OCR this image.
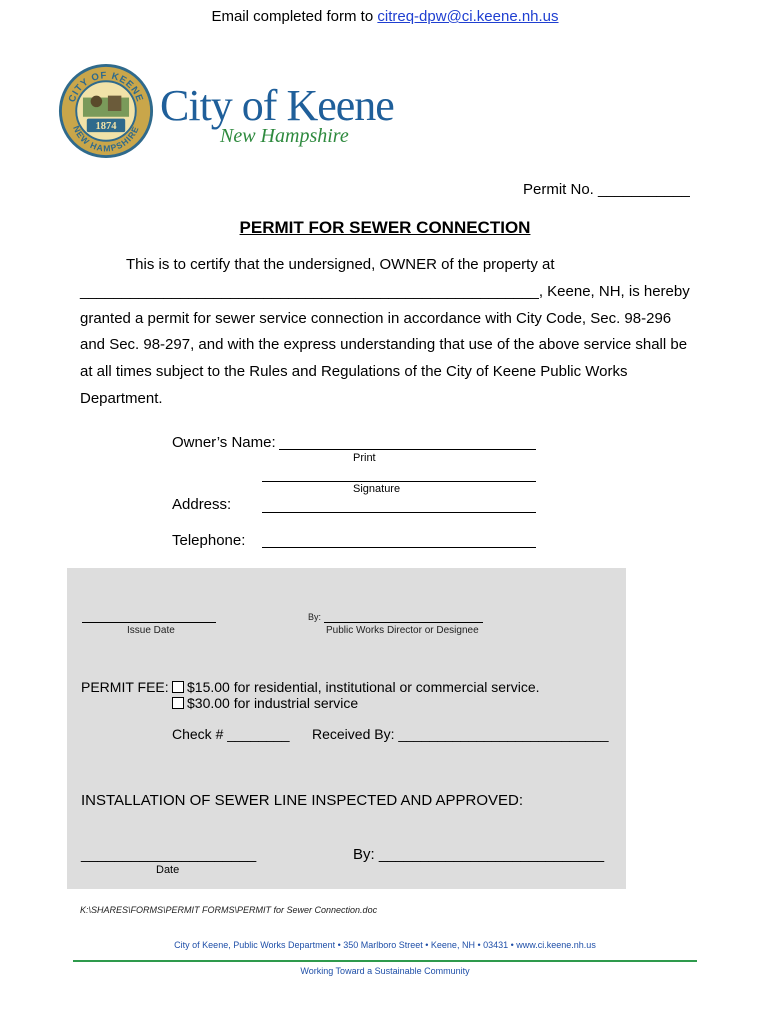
Email completed form to citreq-dpw@ci.keene.nh.us
CITY OF KEENE
NEW HAMPSHIRE
1874 City of Keene
New Hampshire
Permit No. ___________
PERMIT FOR SEWER CONNECTION
This is to certify that the undersigned, OWNER of the property at
_______________________________________________________, Keene, NH, is hereby
granted a permit for sewer service connection in accordance with City Code, Sec. 98-296
and Sec. 98-297, and with the express understanding that use of the above service shall be
at all times subject to the Rules and Regulations of the City of Keene Public Works
Department.
Owner’s Name:
Print
Signature
Address:
Telephone:
Issue Date
By:
Public Works Director or Designee
PERMIT FEE:	$15.00 for residential, institutional or commercial service.
$30.00 for industrial service
Check # ________ Received By: ___________________________
INSTALLATION OF SEWER LINE INSPECTED AND APPROVED:
_____________________
Date
By: ___________________________
K:\SHARES\FORMS\PERMIT FORMS\PERMIT for Sewer Connection.doc
City of Keene, Public Works Department • 350 Marlboro Street • Keene, NH • 03431 • www.ci.keene.nh.us
Working Toward a Sustainable Community
